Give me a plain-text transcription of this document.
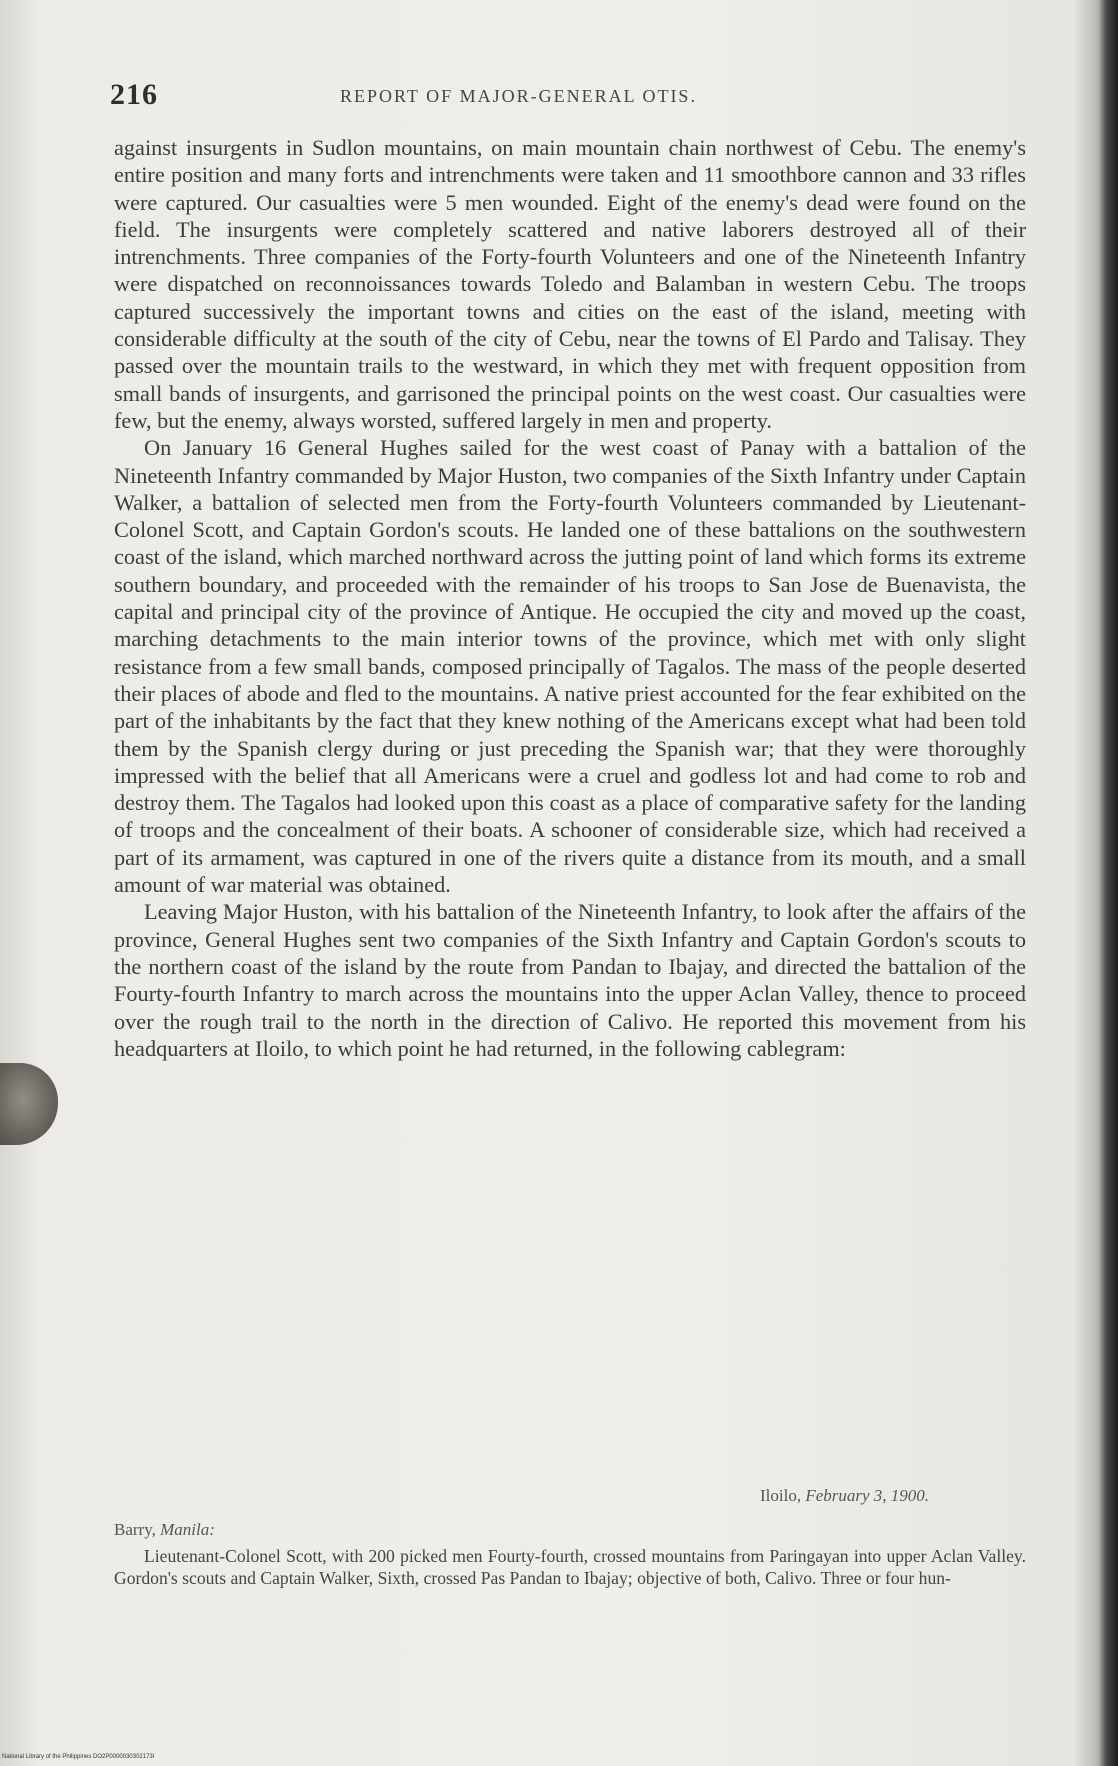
216	REPORT OF MAJOR-GENERAL OTIS.

against insurgents in Sudlon mountains, on main mountain chain northwest of Cebu. The enemy's entire position and many forts and intrenchments were taken and 11 smoothbore cannon and 33 rifles were captured. Our casualties were 5 men wounded. Eight of the enemy's dead were found on the field. The insurgents were completely scattered and native laborers destroyed all of their intrenchments. Three companies of the Forty-fourth Volunteers and one of the Nineteenth Infantry were dispatched on reconnoissances towards Toledo and Balamban in western Cebu. The troops captured successively the important towns and cities on the east of the island, meeting with considerable difficulty at the south of the city of Cebu, near the towns of El Pardo and Talisay. They passed over the mountain trails to the westward, in which they met with frequent opposition from small bands of insurgents, and garrisoned the principal points on the west coast. Our casualties were few, but the enemy, always worsted, suffered largely in men and property.

On January 16 General Hughes sailed for the west coast of Panay with a battalion of the Nineteenth Infantry commanded by Major Huston, two companies of the Sixth Infantry under Captain Walker, a battalion of selected men from the Forty-fourth Volunteers commanded by Lieutenant-Colonel Scott, and Captain Gordon's scouts. He landed one of these battalions on the southwestern coast of the island, which marched northward across the jutting point of land which forms its extreme southern boundary, and proceeded with the remainder of his troops to San Jose de Buenavista, the capital and principal city of the province of Antique. He occupied the city and moved up the coast, marching detachments to the main interior towns of the province, which met with only slight resistance from a few small bands, composed principally of Tagalos. The mass of the people deserted their places of abode and fled to the mountains. A native priest accounted for the fear exhibited on the part of the inhabitants by the fact that they knew nothing of the Americans except what had been told them by the Spanish clergy during or just preceding the Spanish war; that they were thoroughly impressed with the belief that all Americans were a cruel and godless lot and had come to rob and destroy them. The Tagalos had looked upon this coast as a place of comparative safety for the landing of troops and the concealment of their boats. A schooner of considerable size, which had received a part of its armament, was captured in one of the rivers quite a distance from its mouth, and a small amount of war material was obtained.

Leaving Major Huston, with his battalion of the Nineteenth Infantry, to look after the affairs of the province, General Hughes sent two companies of the Sixth Infantry and Captain Gordon's scouts to the northern coast of the island by the route from Pandan to Ibajay, and directed the battalion of the Fourty-fourth Infantry to march across the mountains into the upper Aclan Valley, thence to proceed over the rough trail to the north in the direction of Calivo. He reported this movement from his headquarters at Iloilo, to which point he had returned, in the following cablegram:

Iloilo, February 3, 1900.
Barry, Manila:
Lieutenant-Colonel Scott, with 200 picked men Fourty-fourth, crossed mountains from Paringayan into upper Aclan Valley. Gordon's scouts and Captain Walker, Sixth, crossed Pas Pandan to Ibajay; objective of both, Calivo. Three or four hun-
National Library of the Philippines DO2P0000030302173I
